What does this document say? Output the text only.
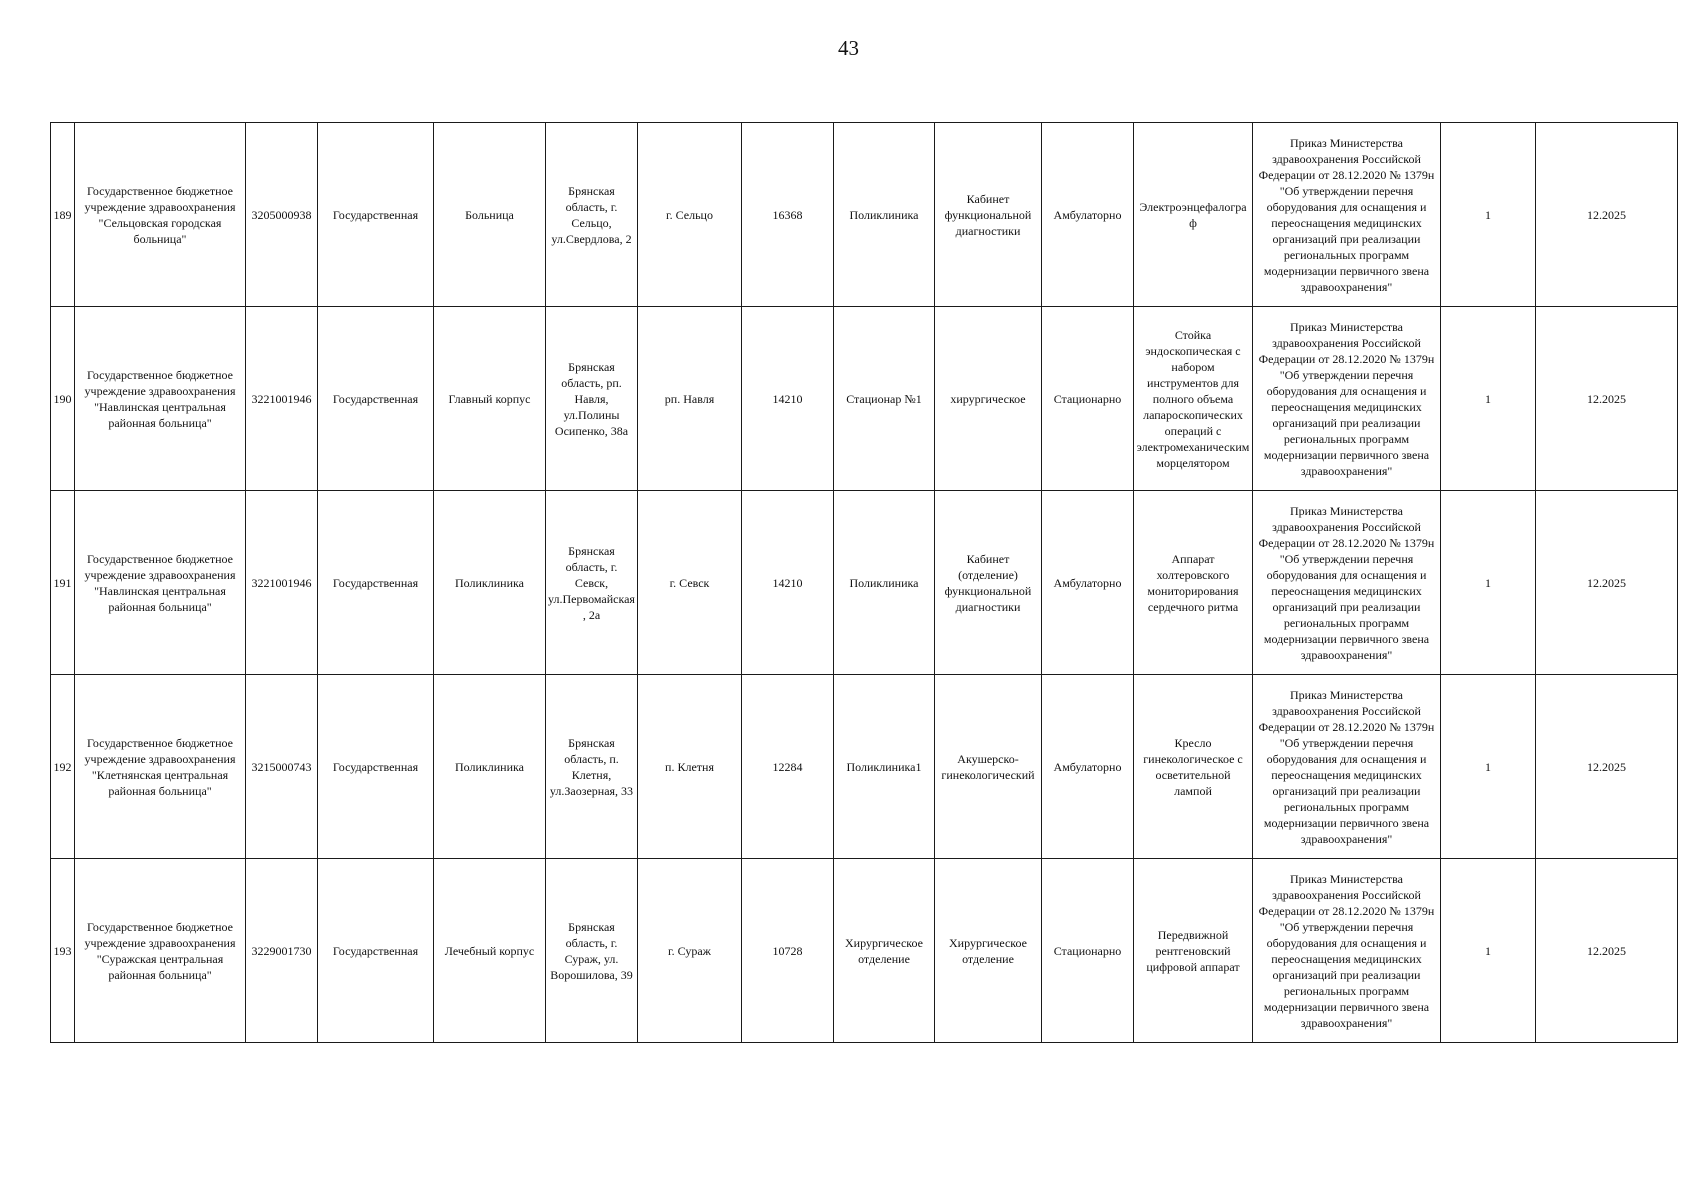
43
189	Государственное бюджетное учреждение здравоохранения "Сельцовская городская больница"	3205000938	Государственная	Больница	Брянская область, г. Сельцо, ул.Свердлова, 2	г. Сельцо	16368	Поликлиника	Кабинет функциональной диагностики	Амбулаторно	Электроэнцефалограф	Приказ Министерства здравоохранения Российской Федерации от 28.12.2020 № 1379н "Об утверждении перечня оборудования для оснащения и переоснащения медицинских организаций при реализации региональных программ модернизации первичного звена здравоохранения"	1	12.2025
190	Государственное бюджетное учреждение здравоохранения "Навлинская центральная районная больница"	3221001946	Государственная	Главный корпус	Брянская область, рп. Навля, ул.Полины Осипенко, 38а	рп. Навля	14210	Стационар №1	хирургическое	Стационарно	Стойка эндоскопическая с набором инструментов для полного объема лапароскопических операций с электромеханическим морцелятором	Приказ Министерства здравоохранения Российской Федерации от 28.12.2020 № 1379н "Об утверждении перечня оборудования для оснащения и переоснащения медицинских организаций при реализации региональных программ модернизации первичного звена здравоохранения"	1	12.2025
191	Государственное бюджетное учреждение здравоохранения "Навлинская центральная районная больница"	3221001946	Государственная	Поликлиника	Брянская область, г. Севск, ул.Первомайская, 2а	г. Севск	14210	Поликлиника	Кабинет (отделение) функциональной диагностики	Амбулаторно	Аппарат холтеровского мониторирования сердечного ритма	Приказ Министерства здравоохранения Российской Федерации от 28.12.2020 № 1379н "Об утверждении перечня оборудования для оснащения и переоснащения медицинских организаций при реализации региональных программ модернизации первичного звена здравоохранения"	1	12.2025
192	Государственное бюджетное учреждение здравоохранения "Клетнянская центральная районная больница"	3215000743	Государственная	Поликлиника	Брянская область, п. Клетня, ул.Заозерная, 33	п. Клетня	12284	Поликлиника1	Акушерско-гинекологический	Амбулаторно	Кресло гинекологическое с осветительной лампой	Приказ Министерства здравоохранения Российской Федерации от 28.12.2020 № 1379н "Об утверждении перечня оборудования для оснащения и переоснащения медицинских организаций при реализации региональных программ модернизации первичного звена здравоохранения"	1	12.2025
193	Государственное бюджетное учреждение здравоохранения "Суражская центральная районная больница"	3229001730	Государственная	Лечебный корпус	Брянская область, г. Сураж, ул. Ворошилова, 39	г. Сураж	10728	Хирургическое отделение	Хирургическое отделение	Стационарно	Передвижной рентгеновский цифровой аппарат	Приказ Министерства здравоохранения Российской Федерации от 28.12.2020 № 1379н "Об утверждении перечня оборудования для оснащения и переоснащения медицинских организаций при реализации региональных программ модернизации первичного звена здравоохранения"	1	12.2025
